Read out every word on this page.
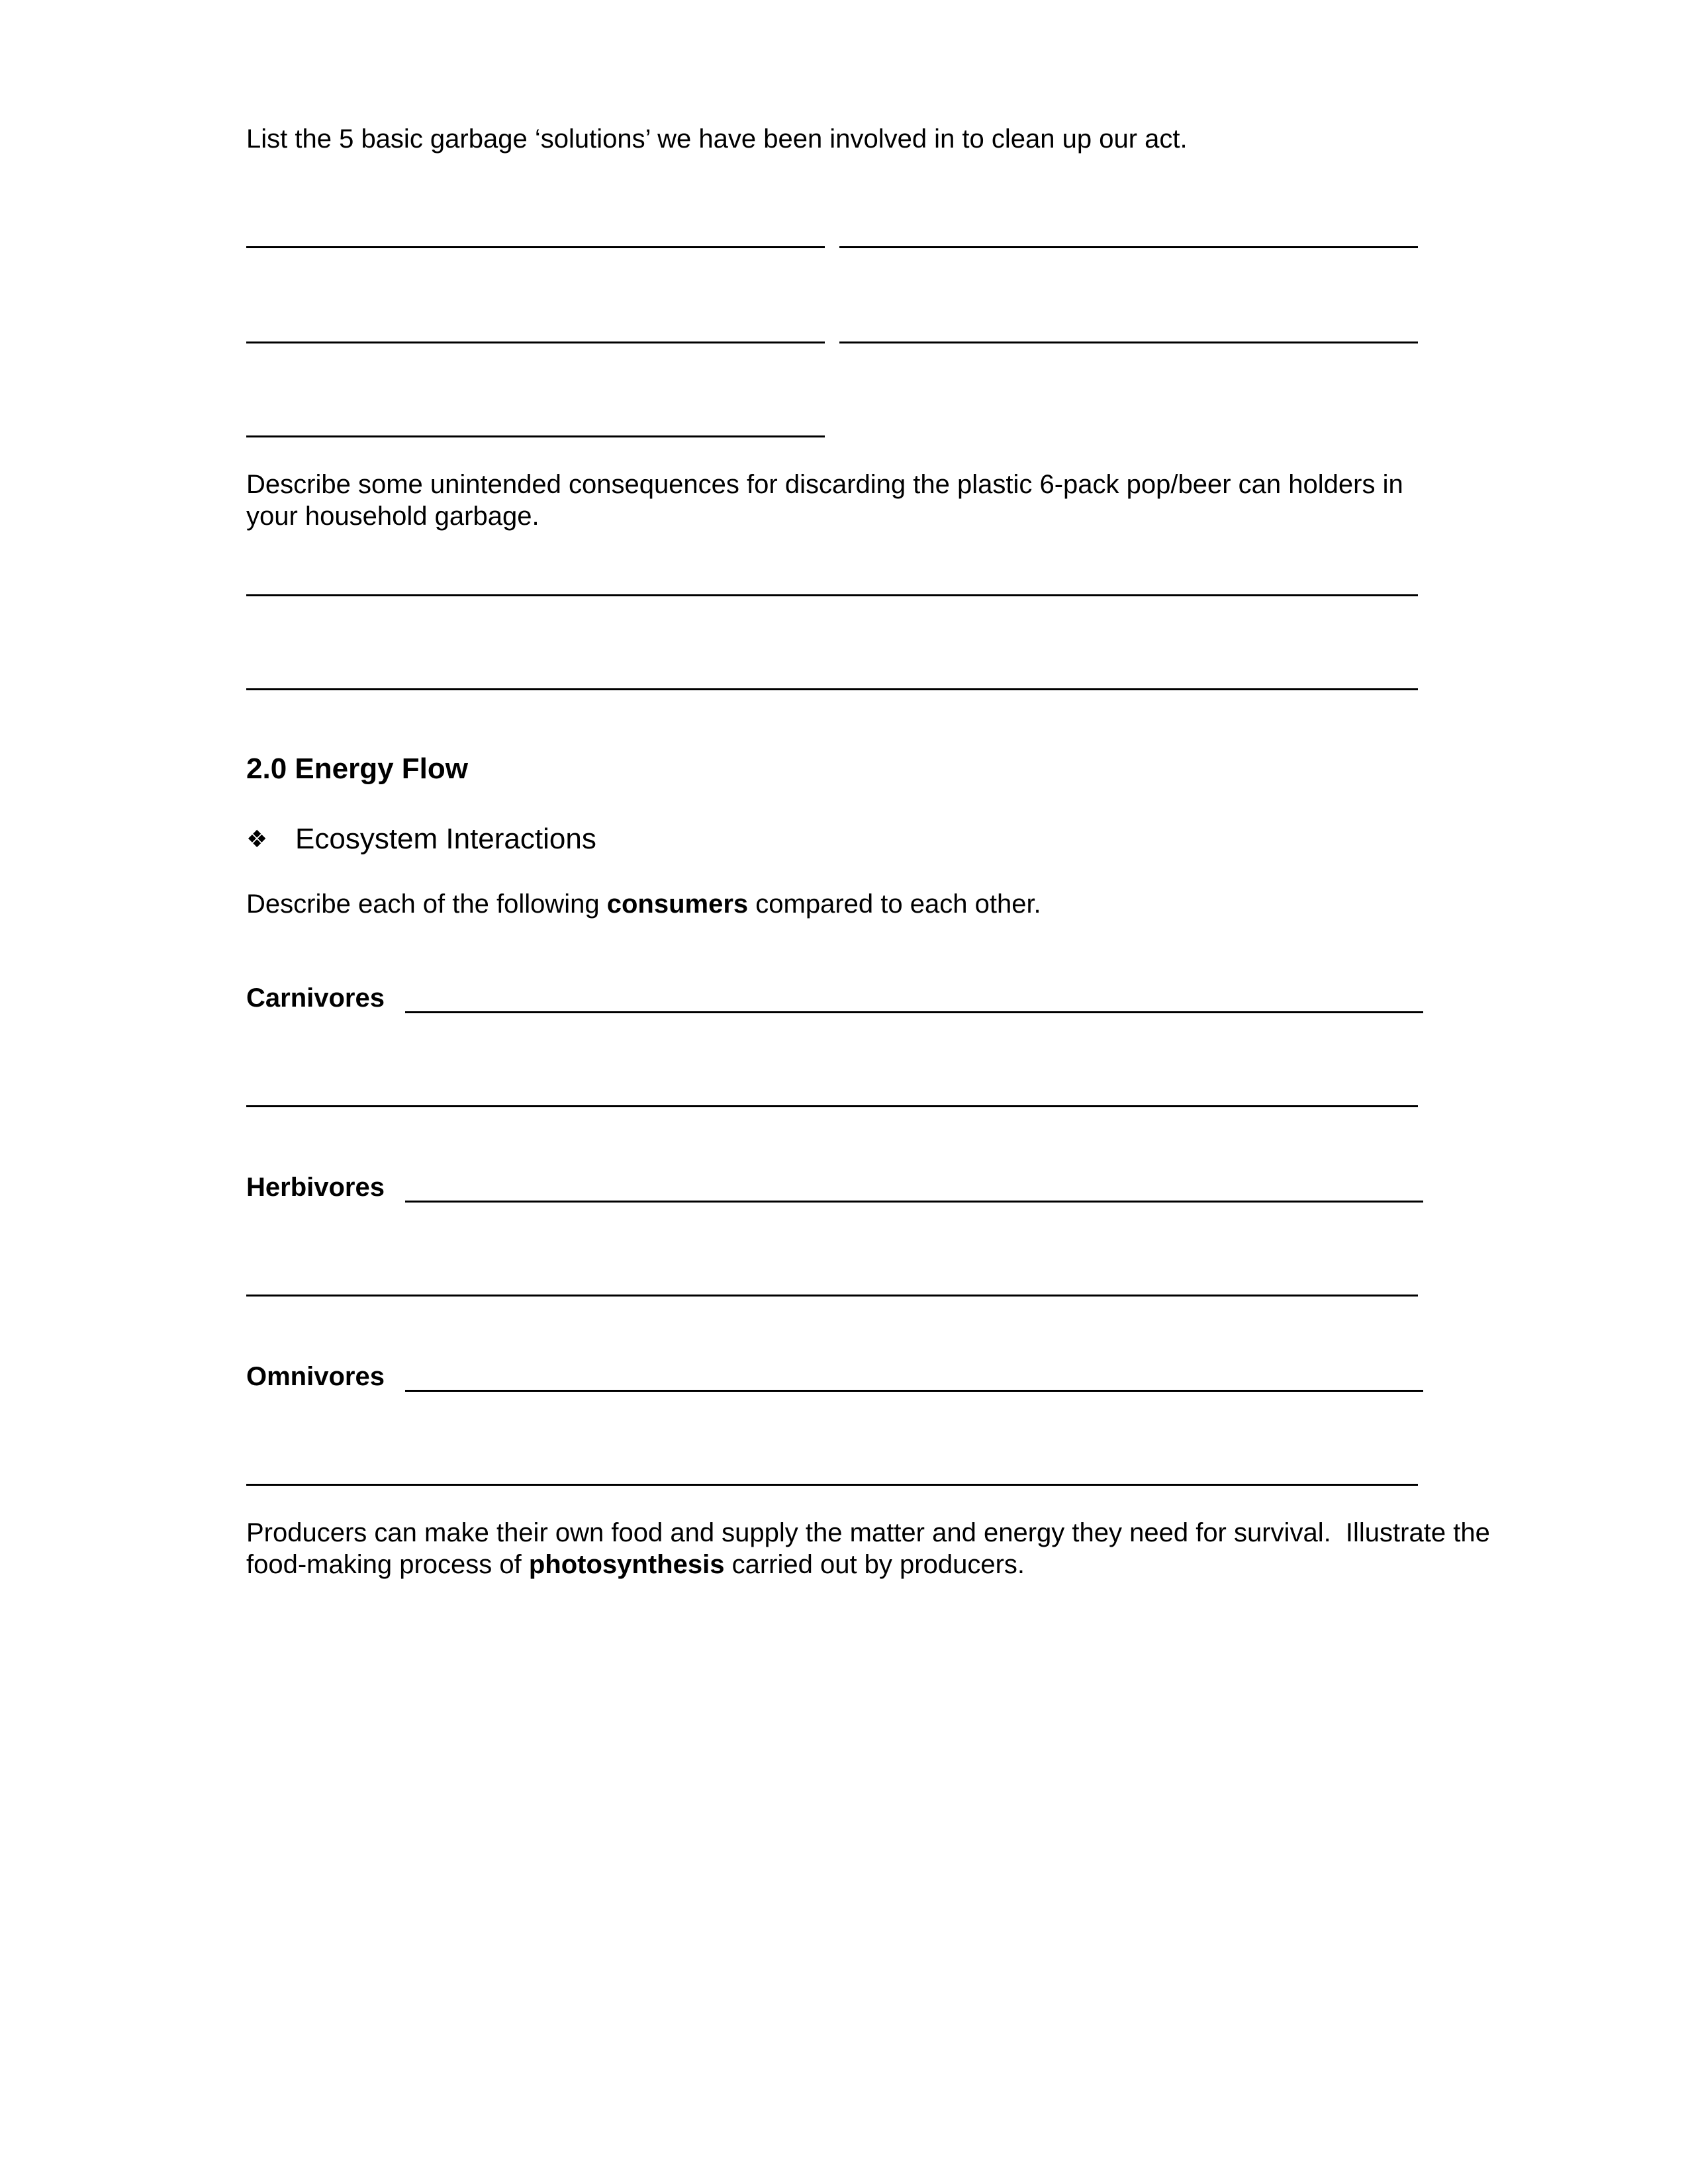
List the 5 basic garbage ‘solutions’ we have been involved in to clean up our act.
Describe some unintended consequences for discarding the plastic 6-pack pop/beer can holders in your household garbage.
2.0 Energy Flow
❖ Ecosystem Interactions
Describe each of the following consumers compared to each other.
Carnivores
Herbivores
Omnivores
Producers can make their own food and supply the matter and energy they need for survival.  Illustrate the food-making process of photosynthesis carried out by producers.
